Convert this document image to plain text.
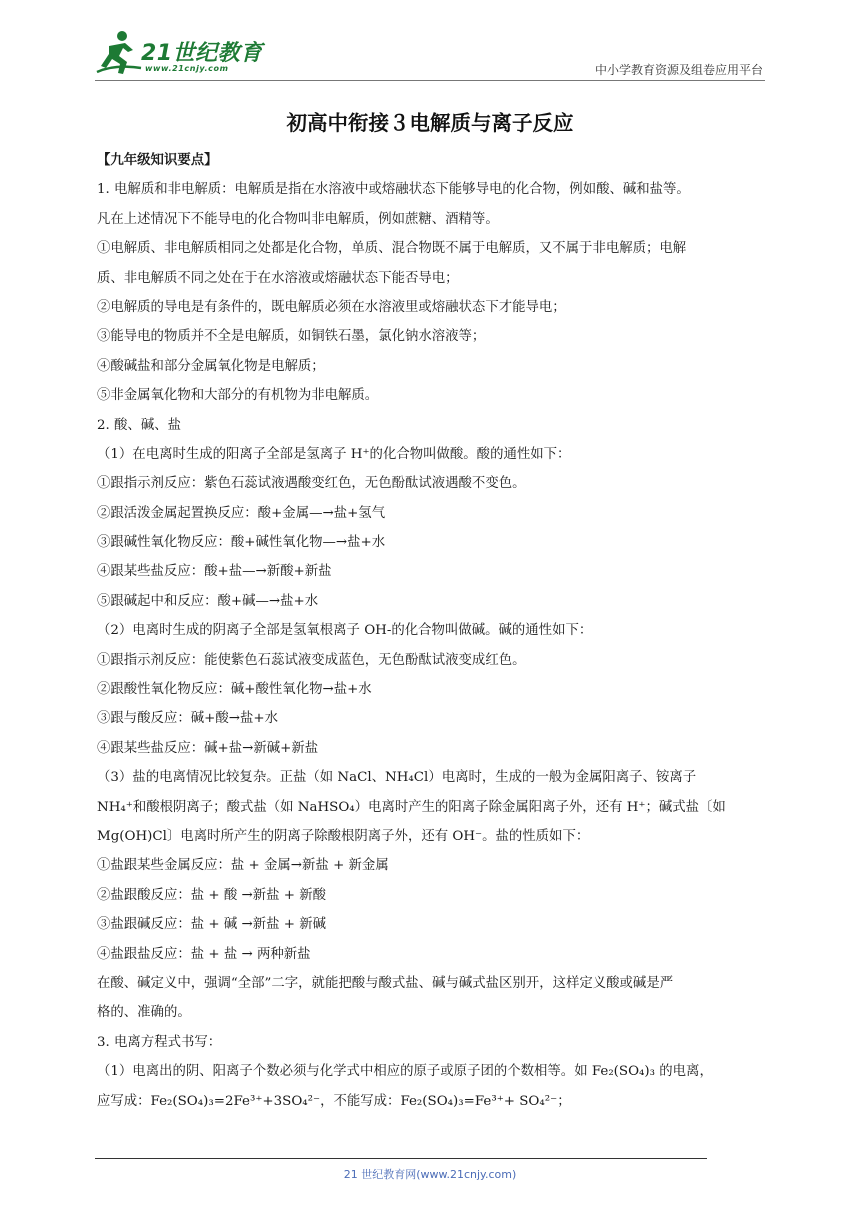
21世纪教育
www.21cnjy.com	中小学教育资源及组卷应用平台
初高中衔接３电解质与离子反应
【九年级知识要点】
1. 电解质和非电解质：电解质是指在水溶液中或熔融状态下能够导电的化合物，例如酸、碱和盐等。
凡在上述情况下不能导电的化合物叫非电解质，例如蔗糖、酒精等。
①电解质、非电解质相同之处都是化合物，单质、混合物既不属于电解质，又不属于非电解质；电解
质、非电解质不同之处在于在水溶液或熔融状态下能否导电；
②电解质的导电是有条件的，既电解质必须在水溶液里或熔融状态下才能导电；
③能导电的物质并不全是电解质，如铜铁石墨，氯化钠水溶液等；
④酸碱盐和部分金属氧化物是电解质；
⑤非金属氧化物和大部分的有机物为非电解质。
2. 酸、碱、盐
（1）在电离时生成的阳离子全部是氢离子 H⁺的化合物叫做酸。酸的通性如下：
①跟指示剂反应：紫色石蕊试液遇酸变红色，无色酚酞试液遇酸不变色。
②跟活泼金属起置换反应：酸+金属—→盐+氢气
③跟碱性氧化物反应：酸+碱性氧化物—→盐+水
④跟某些盐反应：酸+盐—→新酸+新盐
⑤跟碱起中和反应：酸+碱—→盐+水
（2）电离时生成的阴离子全部是氢氧根离子 OH-的化合物叫做碱。碱的通性如下：
①跟指示剂反应：能使紫色石蕊试液变成蓝色，无色酚酞试液变成红色。
②跟酸性氧化物反应：碱+酸性氧化物→盐+水
③跟与酸反应：碱+酸→盐+水
④跟某些盐反应：碱+盐→新碱+新盐
（3）盐的电离情况比较复杂。正盐（如 NaCl、NH₄Cl）电离时，生成的一般为金属阳离子、铵离子
NH₄⁺和酸根阴离子；酸式盐（如 NaHSO₄）电离时产生的阳离子除金属阳离子外，还有 H⁺；碱式盐〔如
Mg(OH)Cl〕电离时所产生的阴离子除酸根阴离子外，还有 OH⁻。盐的性质如下：
①盐跟某些金属反应：盐 + 金属→新盐 + 新金属
②盐跟酸反应：盐 + 酸 →新盐 + 新酸
③盐跟碱反应：盐 + 碱 →新盐 + 新碱
④盐跟盐反应：盐 + 盐 → 两种新盐
在酸、碱定义中，强调“全部”二字，就能把酸与酸式盐、碱与碱式盐区别开，这样定义酸或碱是严
格的、准确的。
3. 电离方程式书写：
（1）电离出的阴、阳离子个数必须与化学式中相应的原子或原子团的个数相等。如 Fe₂(SO₄)₃ 的电离，
应写成：Fe₂(SO₄)₃=2Fe³⁺+3SO₄²⁻，不能写成：Fe₂(SO₄)₃=Fe³⁺+ SO₄²⁻；
21 世纪教育网(www.21cnjy.com)
